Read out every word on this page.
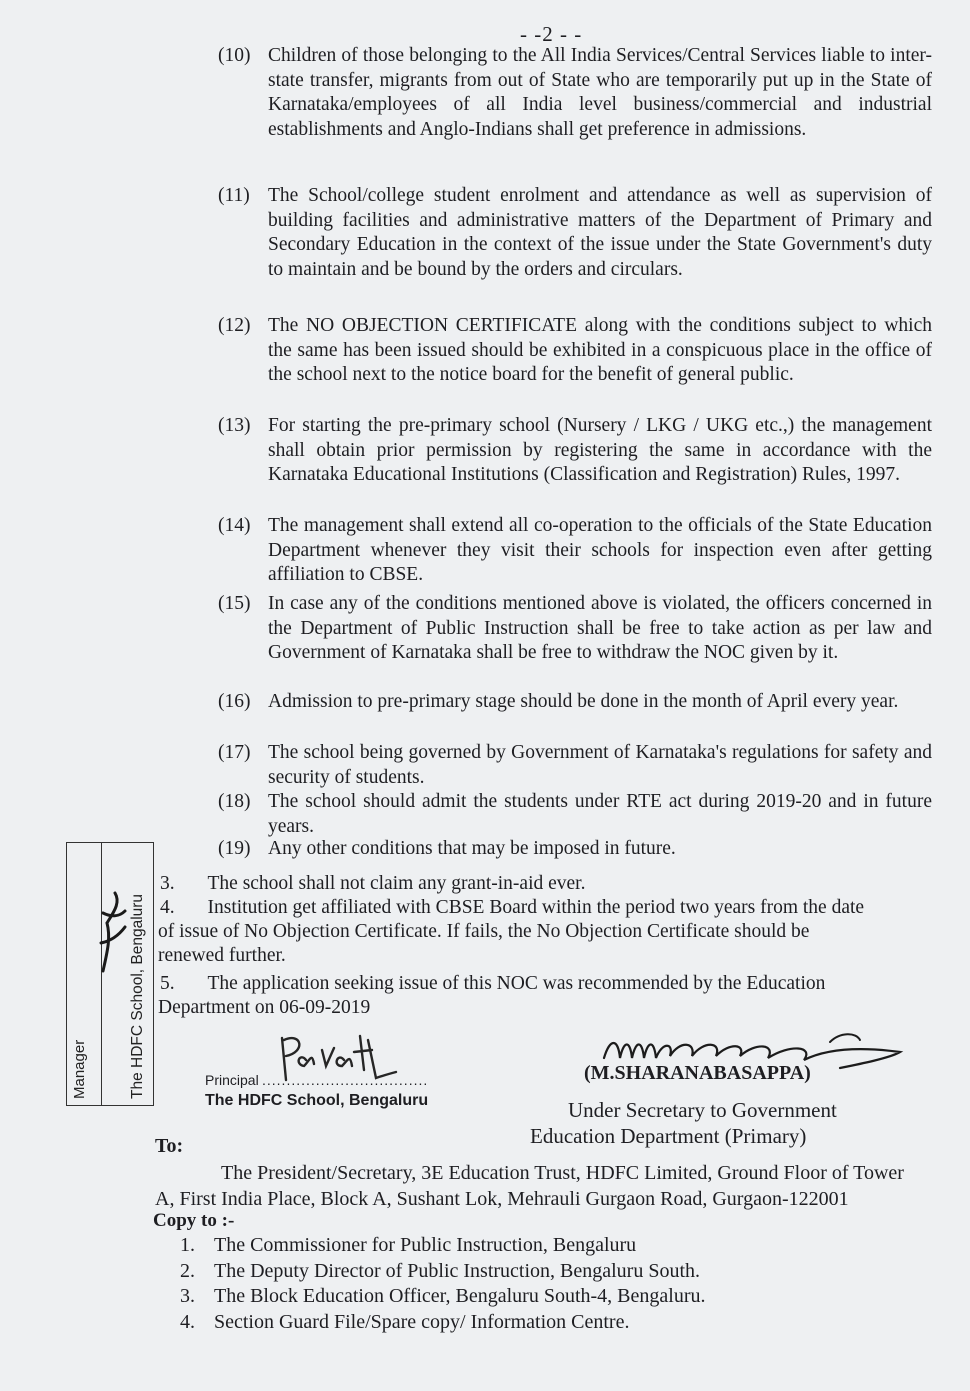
- -2 - -
(10) Children of those belonging to the All India Services/Central Services liable to inter-state transfer, migrants from out of State who are temporarily put up in the State of Karnataka/employees of all India level business/commercial and industrial establishments and Anglo-Indians shall get preference in admissions.
(11) The School/college student enrolment and attendance as well as supervision of building facilities and administrative matters of the Department of Primary and Secondary Education in the context of the issue under the State Government's duty to maintain and be bound by the orders and circulars.
(12) The NO OBJECTION CERTIFICATE along with the conditions subject to which the same has been issued should be exhibited in a conspicuous place in the office of the school next to the notice board for the benefit of general public.
(13) For starting the pre-primary school (Nursery / LKG / UKG etc.,) the management shall obtain prior permission by registering the same in accordance with the Karnataka Educational Institutions (Classification and Registration) Rules, 1997.
(14) The management shall extend all co-operation to the officials of the State Education Department whenever they visit their schools for inspection even after getting affiliation to CBSE.
(15) In case any of the conditions mentioned above is violated, the officers concerned in the Department of Public Instruction shall be free to take action as per law and Government of Karnataka shall be free to withdraw the NOC given by it.
(16) Admission to pre-primary stage should be done in the month of April every year.
(17) The school being governed by Government of Karnataka's regulations for safety and security of students.
(18) The school should admit the students under RTE act during 2019-20 and in future years.
(19) Any other conditions that may be imposed in future.
3. The school shall not claim any grant-in-aid ever.
4. Institution get affiliated with CBSE Board within the period two years from the date
of issue of No Objection Certificate. If fails, the No Objection Certificate should be
renewed further.
5. The application seeking issue of this NOC was recommended by the Education
Department on 06-09-2019
Manager	The HDFC School, Bengaluru	Principal ..................................
The HDFC School, Bengaluru
(M.SHARANABASAPPA)
Under Secretary to Government
Education Department (Primary)
To:
The President/Secretary, 3E Education Trust, HDFC Limited, Ground Floor of Tower
A, First India Place, Block A, Sushant Lok, Mehrauli Gurgaon Road, Gurgaon-122001
Copy to :-
1. The Commissioner for Public Instruction, Bengaluru
2. The Deputy Director of Public Instruction, Bengaluru South.
3. The Block Education Officer, Bengaluru South-4, Bengaluru.
4. Section Guard File/Spare copy/ Information Centre.
